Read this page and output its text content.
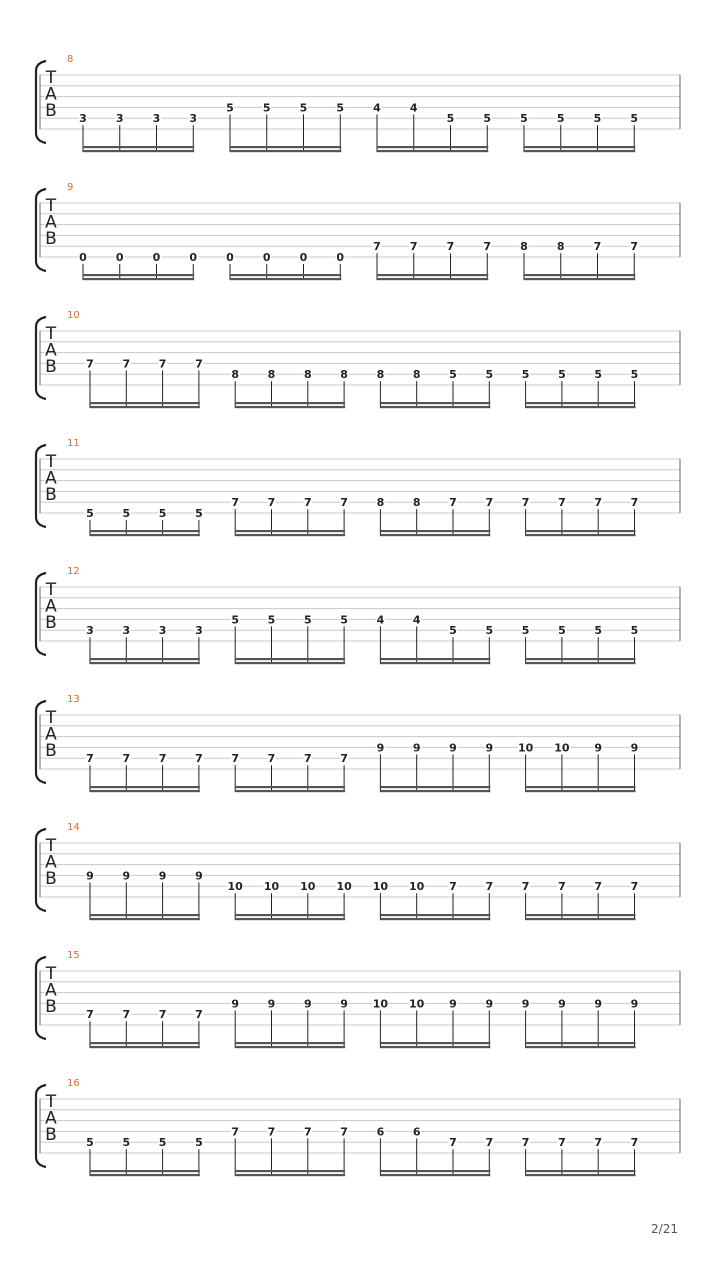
8
T
A
B 3	3	3	3
5	5	5	5	4	4
5	5	5	5	5	5
9
T
A
B
0	0	0	0	0	0	0	0
7	7	7	7	8	8	7	7
10
T
A
B	7	7	7	7
8	8	8	8	8	8	5	5	5	5	5	5
11
T
A
B
5	5	5	5
7	7	7	7	8	8	7	7	7	7	7	7
12
T
A
B	3	3	3	3
5	5	5	5	4	4
5	5	5	5	5	5
13
T
A
B	7	7	7	7	7	7	7	7
9	9	9	9 10 10 9	9
14
T
A
B	9	9	9	9
10 10 10 10 10 10 7	7	7	7	7	7
15
T
A
B	7	7	7	7
9	9	9	9 10 10 9	9	9	9	9	9
16
T
A
B	5	5	5	5
7	7	7	7	6	6
7	7	7	7	7	7
2/21
